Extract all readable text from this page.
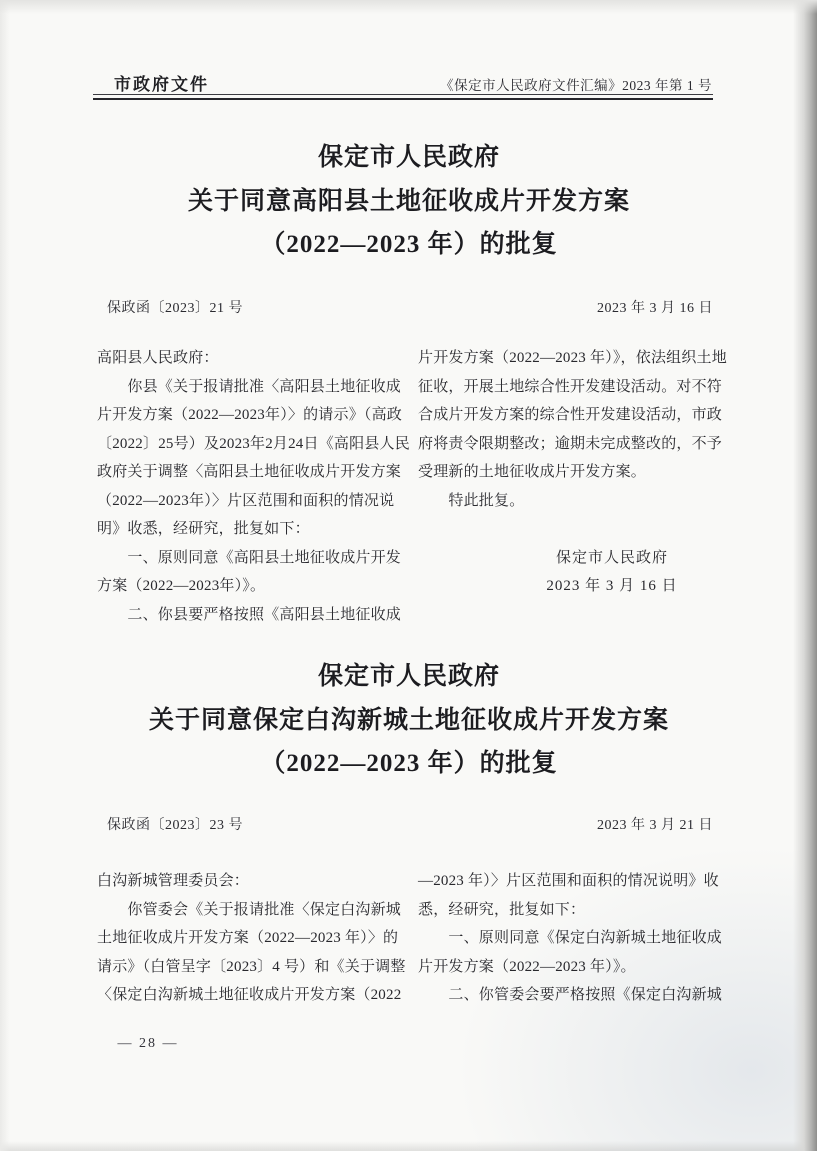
市政府文件	《保定市人民政府文件汇编》2023 年第 1 号
保定市人民政府
关于同意高阳县土地征收成片开发方案
（2022—2023 年）的批复
保政函〔2023〕21 号	2023 年 3 月 16 日
高阳县人民政府：
　　你县《关于报请批准〈高阳县土地征收成
片开发方案（2022—2023年）〉的请示》（高政
〔2022〕25号）及2023年2月24日《高阳县人民
政府关于调整〈高阳县土地征收成片开发方案
（2022—2023年）〉片区范围和面积的情况说
明》收悉，经研究，批复如下：
　　一、原则同意《高阳县土地征收成片开发
方案（2022—2023年）》。
　　二、你县要严格按照《高阳县土地征收成
片开发方案（2022—2023 年）》，依法组织土地
征收，开展土地综合性开发建设活动。对不符
合成片开发方案的综合性开发建设活动，市政
府将责令限期整改；逾期未完成整改的，不予
受理新的土地征收成片开发方案。
　　特此批复。
保定市人民政府
2023 年 3 月 16 日
保定市人民政府
关于同意保定白沟新城土地征收成片开发方案
（2022—2023 年）的批复
保政函〔2023〕23 号	2023 年 3 月 21 日
白沟新城管理委员会：
　　你管委会《关于报请批准〈保定白沟新城
土地征收成片开发方案（2022—2023 年）〉的
请示》（白管呈字〔2023〕4 号）和《关于调整
〈保定白沟新城土地征收成片开发方案（2022
—2023 年）〉片区范围和面积的情况说明》收
悉，经研究，批复如下：
　　一、原则同意《保定白沟新城土地征收成
片开发方案（2022—2023 年）》。
　　二、你管委会要严格按照《保定白沟新城
— 28 —
